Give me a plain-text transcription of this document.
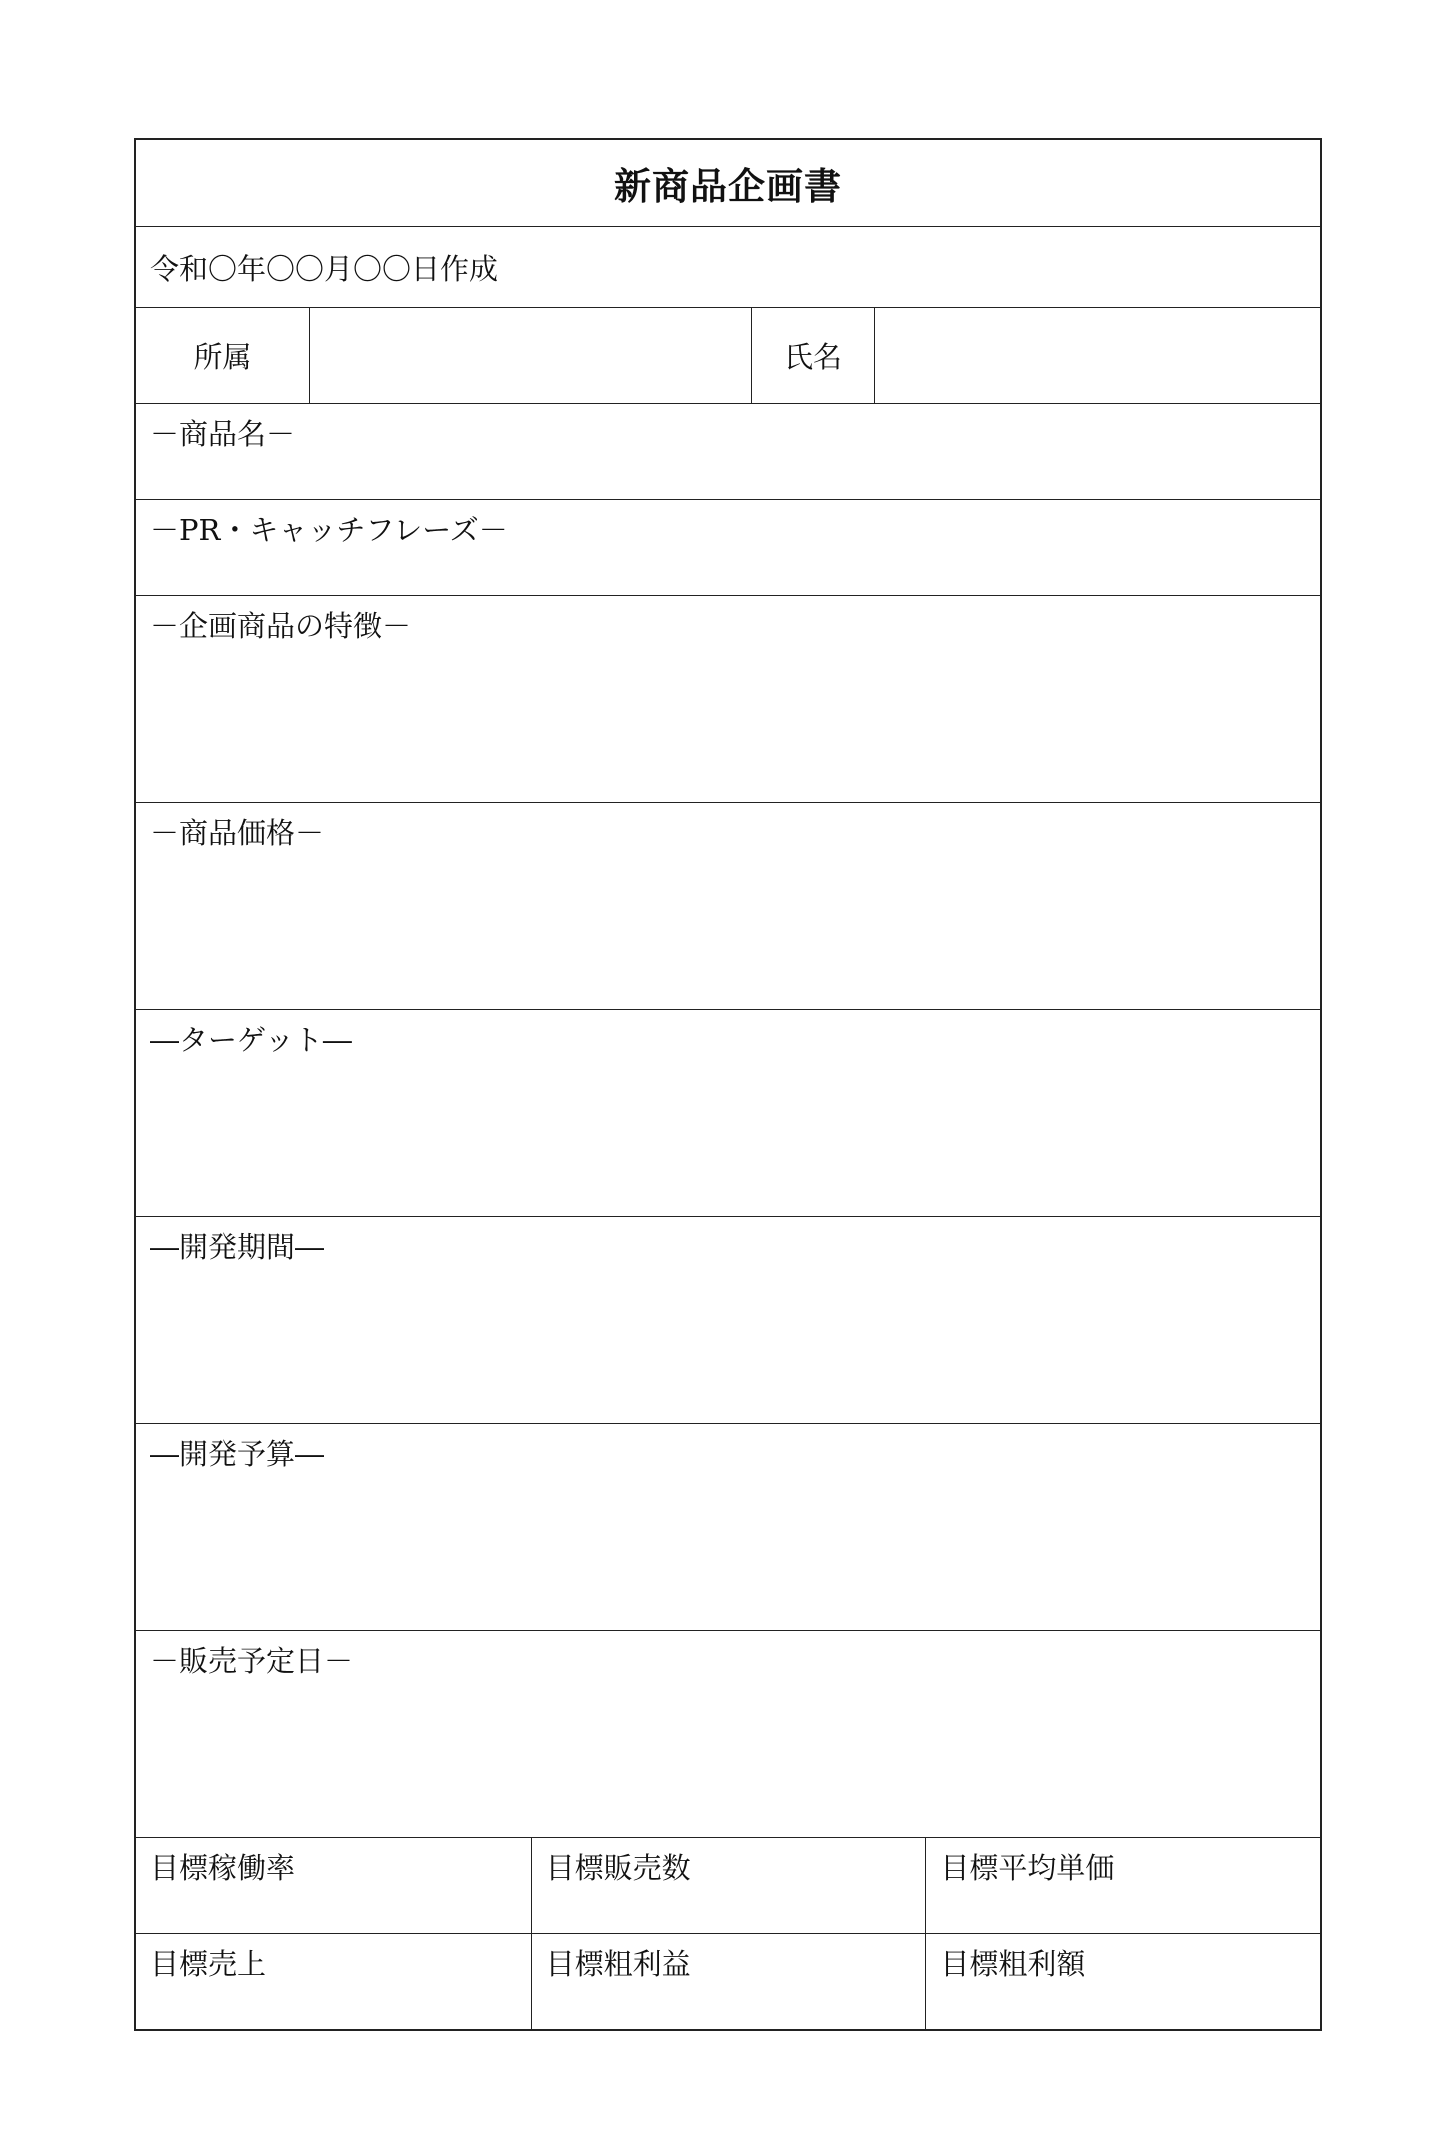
新商品企画書
令和〇年〇〇月〇〇日作成
所属	氏名
－商品名－
－PR・キャッチフレーズ－
－企画商品の特徴－
－商品価格－
―ターゲット―
―開発期間―
―開発予算―
－販売予定日－
目標稼働率	目標販売数	目標平均単価
目標売上	目標粗利益	目標粗利額
